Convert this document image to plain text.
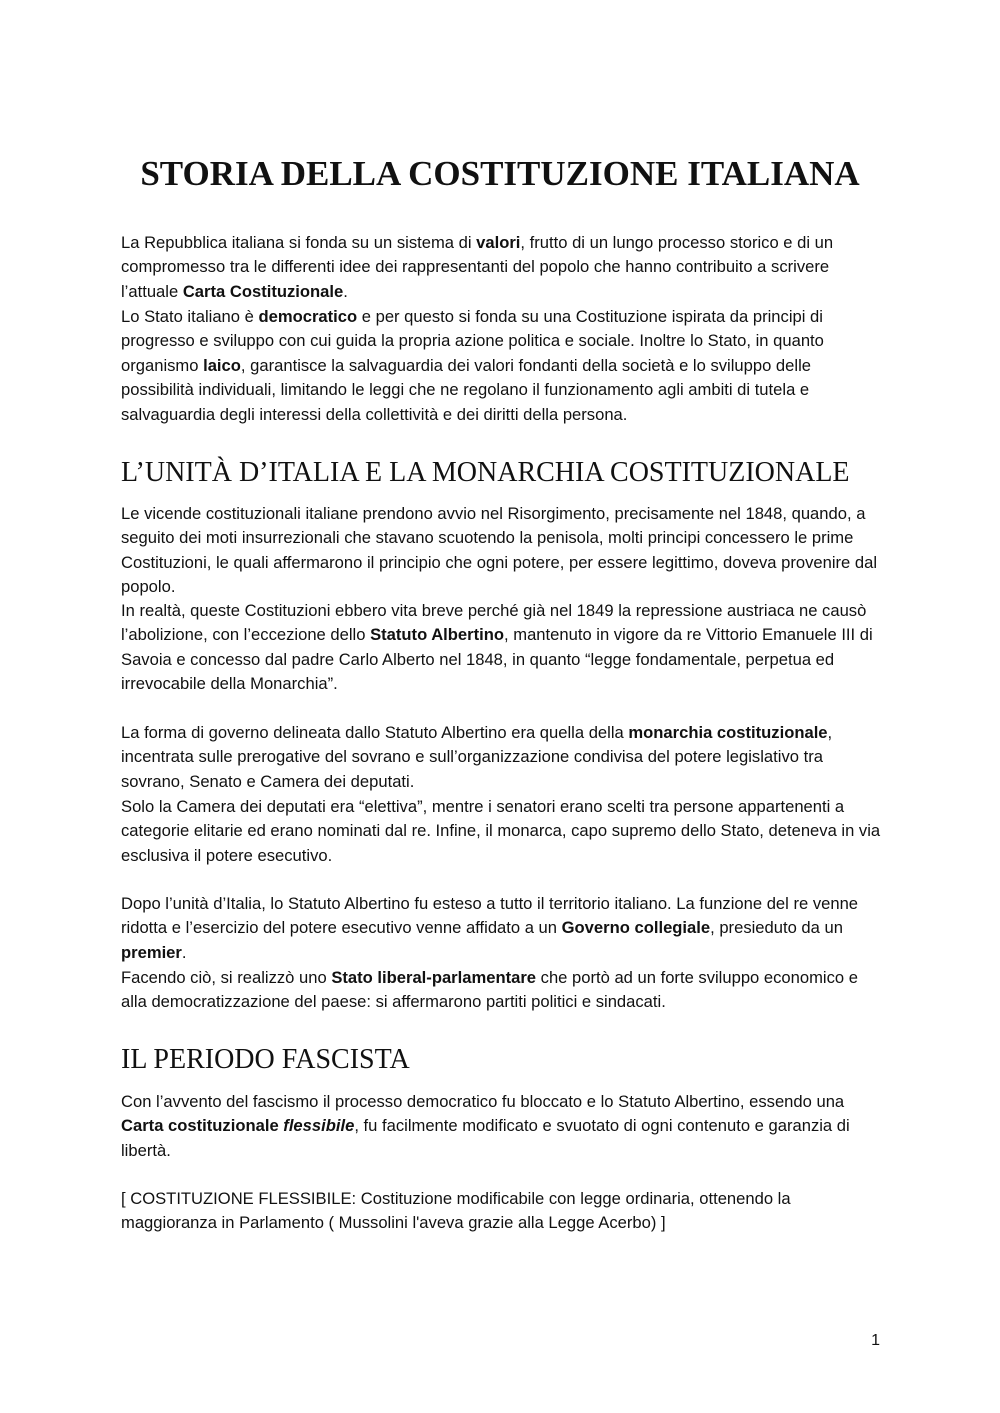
STORIA DELLA COSTITUZIONE ITALIANA

La Repubblica italiana si fonda su un sistema di valori, frutto di un lungo processo storico e di un compromesso tra le differenti idee dei rappresentanti del popolo che hanno contribuito a scrivere l’attuale Carta Costituzionale.

Lo Stato italiano è democratico e per questo si fonda su una Costituzione ispirata da principi di progresso e sviluppo con cui guida la propria azione politica e sociale. Inoltre lo Stato, in quanto organismo laico, garantisce la salvaguardia dei valori fondanti della società e lo sviluppo delle possibilità individuali, limitando le leggi che ne regolano il funzionamento agli ambiti di tutela e salvaguardia degli interessi della collettività e dei diritti della persona.

L’UNITÀ D’ITALIA E LA MONARCHIA COSTITUZIONALE

Le vicende costituzionali italiane prendono avvio nel Risorgimento, precisamente nel 1848, quando, a seguito dei moti insurrezionali che stavano scuotendo la penisola, molti principi concessero le prime Costituzioni, le quali affermarono il principio che ogni potere, per essere legittimo, doveva provenire dal popolo.

In realtà, queste Costituzioni ebbero vita breve perché già nel 1849 la repressione austriaca ne causò l’abolizione, con l’eccezione dello Statuto Albertino, mantenuto in vigore da re Vittorio Emanuele III di Savoia e concesso dal padre Carlo Alberto nel 1848, in quanto “legge fondamentale, perpetua ed irrevocabile della Monarchia”.

La forma di governo delineata dallo Statuto Albertino era quella della monarchia costituzionale, incentrata sulle prerogative del sovrano e sull’organizzazione condivisa del potere legislativo tra sovrano, Senato e Camera dei deputati.

Solo la Camera dei deputati era “elettiva”, mentre i senatori erano scelti tra persone appartenenti a categorie elitarie ed erano nominati dal re. Infine, il monarca, capo supremo dello Stato, deteneva in via esclusiva il potere esecutivo.

Dopo l’unità d’Italia, lo Statuto Albertino fu esteso a tutto il territorio italiano. La funzione del re venne ridotta e l’esercizio del potere esecutivo venne affidato a un Governo collegiale, presieduto da un premier.

Facendo ciò, si realizzò uno Stato liberal-parlamentare che portò ad un forte sviluppo economico e alla democratizzazione del paese: si affermarono partiti politici e sindacati.

IL PERIODO FASCISTA

Con l’avvento del fascismo il processo democratico fu bloccato e lo Statuto Albertino, essendo una Carta costituzionale flessibile, fu facilmente modificato e svuotato di ogni contenuto e garanzia di libertà.

[ COSTITUZIONE FLESSIBILE: Costituzione modificabile con legge ordinaria, ottenendo la maggioranza in Parlamento ( Mussolini l'aveva grazie alla Legge Acerbo) ]

1
